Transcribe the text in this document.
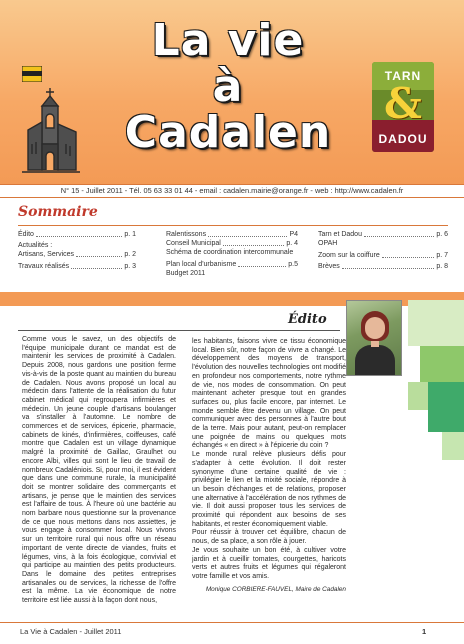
La vie
à
Cadalen
TARN
&
DADOU
N° 15 - Juillet 2011 - Tél. 05 63 33 01 44 - email : cadalen.mairie@orange.fr - web : http://www.cadalen.fr
Sommaire
Édito	p. 1
Actualités :
Artisans, Services	p. 2
Travaux réalisés	p. 3
Ralentissons	P4
Conseil Municipal	p. 4
Schéma de coordination intercommunale
Plan local d'urbanisme	p.5
Budget 2011
Tarn et Dadou	p. 6
OPAH
Zoom sur la coiffure	p. 7
Brèves	p. 8
Édito

Comme vous le savez, un des objectifs de l'équipe municipale durant ce mandat est de maintenir les services de proximité à Cadalen. Depuis 2008, nous gardons une position ferme vis-à-vis de la poste quant au maintien du bureau de Cadalen. Nous avons proposé un local au médecin dans l'attente de la réalisation du futur cabinet médical qui regroupera infirmières et médecin. Un jeune couple d'artisans boulanger va s'installer à l'automne. Le nombre de commerces et de services, épicerie, pharmacie, cabinets de kinés, d'infirmières, coiffeuses, café montre que Cadalen est un village dynamique malgré la proximité de Gaillac, Graulhet ou encore Albi, villes qui sont le lieu de travail de nombreux Cadaléniois. Si, pour moi, il est évident que dans une commune rurale, la municipalité doit se montrer solidaire des commerçants et artisans, je pense que le maintien des services est l'affaire de tous. À l'heure où une bactérie au nom barbare nous questionne sur la provenance de ce que nous mettons dans nos assiettes, je vous engage à consommer local. Nous vivons sur un territoire rural qui nous offre un réseau important de vente directe de viandes, fruits et légumes, vins, à la fois écologique, convivial et qui participe au maintien des petits producteurs. Dans le domaine des petites entreprises artisanales ou de services, la richesse de l'offre est la même. La vie économique de notre territoire est liée aussi à la façon dont nous,

les habitants, faisons vivre ce tissu économique local. Bien sûr, notre façon de vivre a changé. Le développement des moyens de transport, l'évolution des nouvelles technologies ont modifié en profondeur nos comportements, notre rythme de vie, nos modes de consommation. On peut maintenant acheter presque tout en grandes surfaces ou, plus facile encore, par internet. Le monde semble être devenu un village. On peut communiquer avec des personnes à l'autre bout de la terre. Mais pour autant, peut-on remplacer une poignée de mains ou quelques mots échangés « en direct » à l'épicerie du coin ?

Le monde rural relève plusieurs défis pour s'adapter à cette évolution. Il doit rester synonyme d'une certaine qualité de vie : privilégier le lien et la mixité sociale, répondre à un besoin d'échanges et de relations, proposer une alternative à l'accélération de nos rythmes de vie. Il doit aussi proposer tous les services de proximité qui répondent aux besoins de ses habitants, et rester économiquement viable.

Pour réussir à trouver cet équilibre, chacun de nous, de sa place, a son rôle à jouer.

Je vous souhaite un bon été, à cultiver votre jardin et à cueillir tomates, courgettes, haricots verts et autres fruits et légumes qui régaleront votre famille et vos amis.

Monique CORBIERE-FAUVEL, Maire de Cadalen
La Vie à Cadalen - Juillet 2011	1
